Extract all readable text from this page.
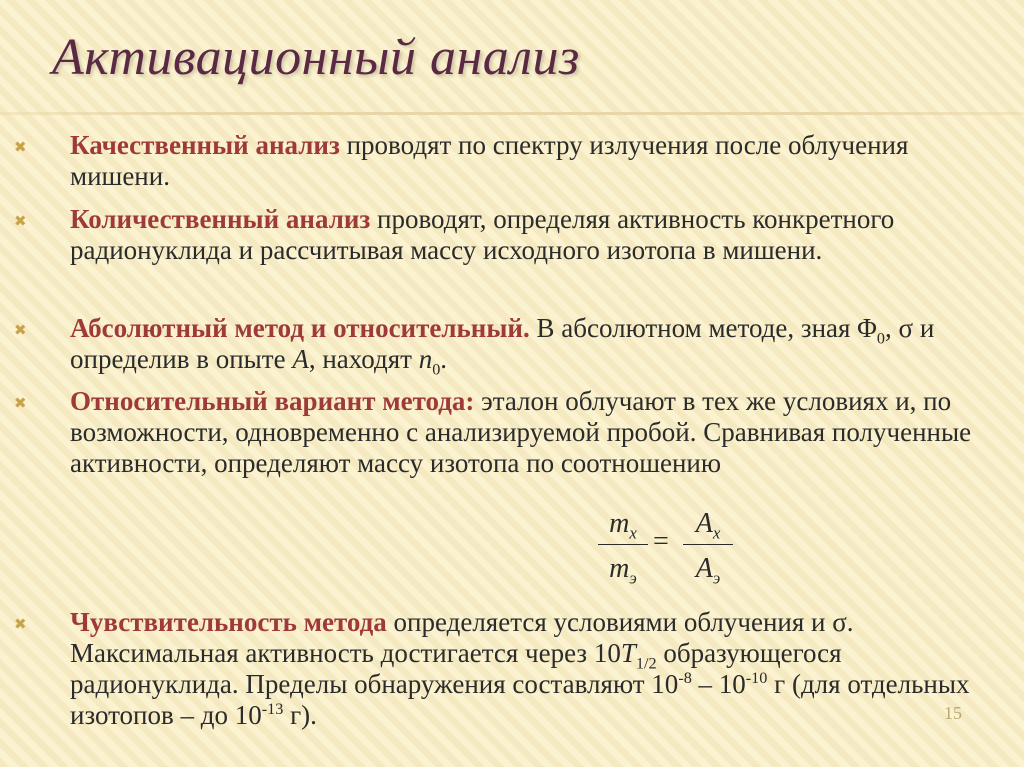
Активационный анализ
✖ Качественный анализ проводят по спектру излучения после облучения мишени.
✖ Количественный анализ проводят, определяя активность конкретного радионуклида и рассчитывая массу исходного изотопа в мишени.
✖ Абсолютный метод и относительный. В абсолютном методе, зная $\Phi_0$, σ и определив в опыте A, находят $n_0$.
✖ Относительный вариант метода: эталон облучают в тех же условиях и, по возможности, одновременно с анализируемой пробой. Сравнивая полученные активности, определяют массу изотопа по соотношению
$m_x$
$m_э$
=
$A_x$
$A_э$
✖ Чувствительность метода определяется условиями облучения и σ. Максимальная активность достигается через $10T_{1/2}$ образующегося радионуклида. Пределы обнаружения составляют $10^{-8} - 10^{-10}$ г (для отдельных изотопов – до $10^{-13}$ г).	15
